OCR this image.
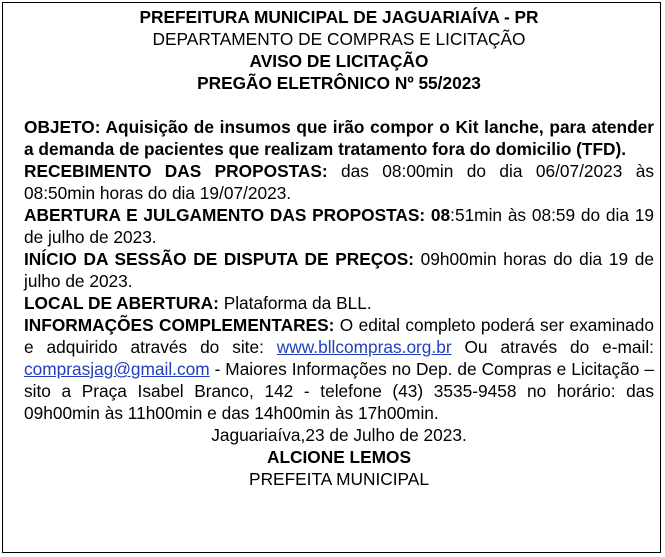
PREFEITURA MUNICIPAL DE JAGUARIAÍVA - PR
DEPARTAMENTO DE COMPRAS E LICITAÇÃO
AVISO DE LICITAÇÃO
PREGÃO ELETRÔNICO Nº 55/2023
OBJETO: Aquisição de insumos que irão compor o Kit lanche, para atender a demanda de pacientes que realizam tratamento fora do domicilio (TFD).
RECEBIMENTO DAS PROPOSTAS: das 08:00min do dia 06/07/2023 às 08:50min horas do dia 19/07/2023.
ABERTURA E JULGAMENTO DAS PROPOSTAS: 08:51min às 08:59 do dia 19 de julho de 2023.
INÍCIO DA SESSÃO DE DISPUTA DE PREÇOS: 09h00min horas do dia 19 de julho de 2023.
LOCAL DE ABERTURA: Plataforma da BLL.
INFORMAÇÕES COMPLEMENTARES: O edital completo poderá ser examinado e adquirido através do site: www.bllcompras.org.br Ou através do e-mail: comprasjag@gmail.com - Maiores Informações no Dep. de Compras e Licitação – sito a Praça Isabel Branco, 142 - telefone (43) 3535-9458 no horário: das 09h00min às 11h00min e das 14h00min às 17h00min.
Jaguariaíva,23 de Julho de 2023.
ALCIONE LEMOS
PREFEITA MUNICIPAL
